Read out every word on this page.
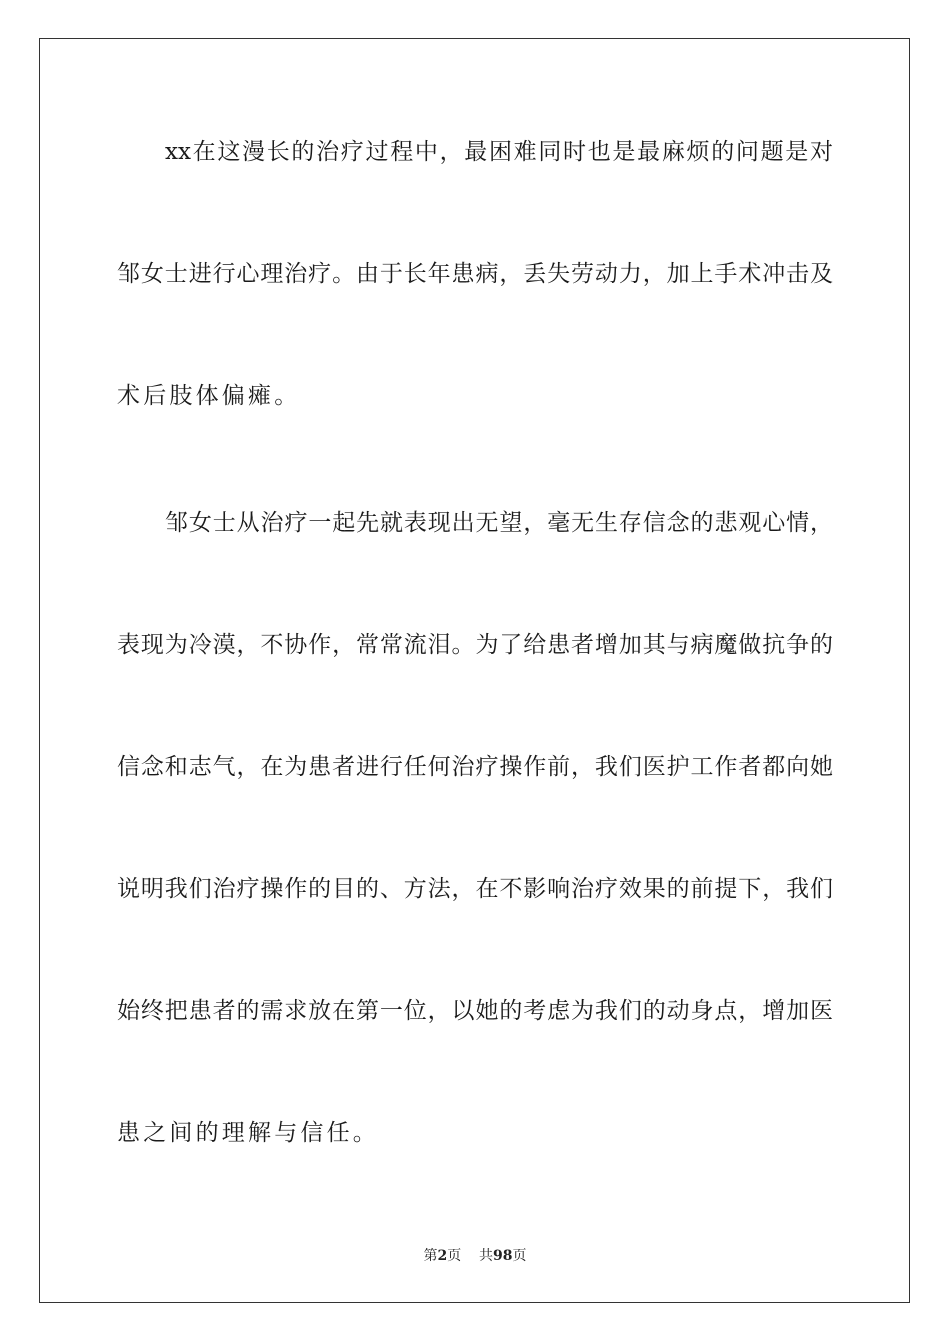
xx在这漫长的治疗过程中，最困难同时也是最麻烦的问题是对
邹女士进行心理治疗。由于长年患病，丢失劳动力，加上手术冲击及
术后肢体偏瘫。
邹女士从治疗一起先就表现出无望，毫无生存信念的悲观心情，
表现为冷漠，不协作，常常流泪。为了给患者增加其与病魔做抗争的
信念和志气，在为患者进行任何治疗操作前，我们医护工作者都向她
说明我们治疗操作的目的、方法，在不影响治疗效果的前提下，我们
始终把患者的需求放在第一位，以她的考虑为我们的动身点，增加医
患之间的理解与信任。
第2页 共98页
